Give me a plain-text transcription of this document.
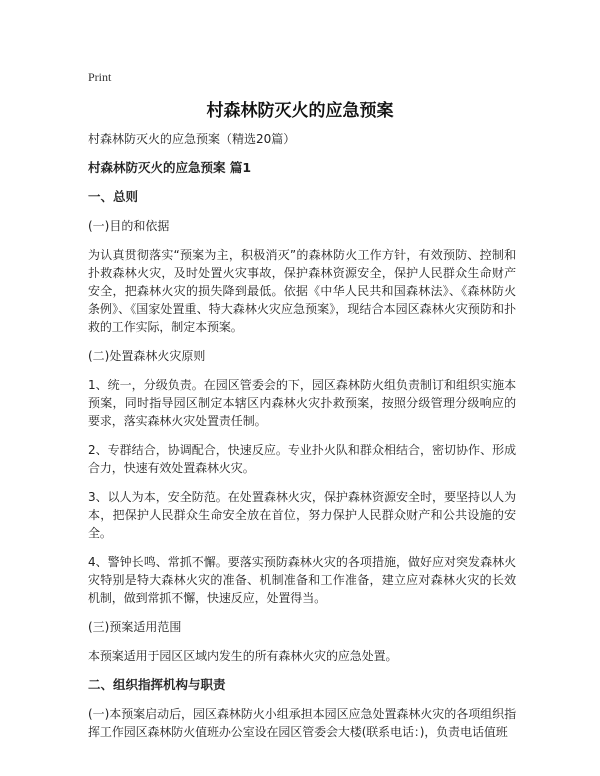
Print
村森林防灭火的应急预案

村森林防灭火的应急预案（精选20篇）

村森林防灭火的应急预案 篇1

一、总则

(一)目的和依据

为认真贯彻落实“预案为主，积极消灭”的森林防火工作方针，有效预防、控制和扑救森林火灾，及时处置火灾事故，保护森林资源安全，保护人民群众生命财产安全，把森林火灾的损失降到最低。依据《中华人民共和国森林法》、《森林防火条例》、《国家处置重、特大森林火灾应急预案》，现结合本园区森林火灾预防和扑救的工作实际，制定本预案。

(二)处置森林火灾原则

1、统一，分级负责。在园区管委会的下，园区森林防火组负责制订和组织实施本预案，同时指导园区制定本辖区内森林火灾扑救预案，按照分级管理分级响应的要求，落实森林火灾处置责任制。

2、专群结合，协调配合，快速反应。专业扑火队和群众相结合，密切协作、形成合力，快速有效处置森林火灾。

3、以人为本，安全防范。在处置森林火灾，保护森林资源安全时，要坚持以人为本，把保护人民群众生命安全放在首位，努力保护人民群众财产和公共设施的安全。

4、警钟长鸣、常抓不懈。要落实预防森林火灾的各项措施，做好应对突发森林火灾特别是特大森林火灾的准备、机制准备和工作准备，建立应对森林火灾的长效机制，做到常抓不懈，快速反应，处置得当。

(三)预案适用范围

本预案适用于园区区域内发生的所有森林火灾的应急处置。

二、组织指挥机构与职责

(一)本预案启动后，园区森林防火小组承担本园区应急处置森林火灾的各项组织指挥工作园区森林防火值班办公室设在园区管委会大楼(联系电话：)，负责电话值班
